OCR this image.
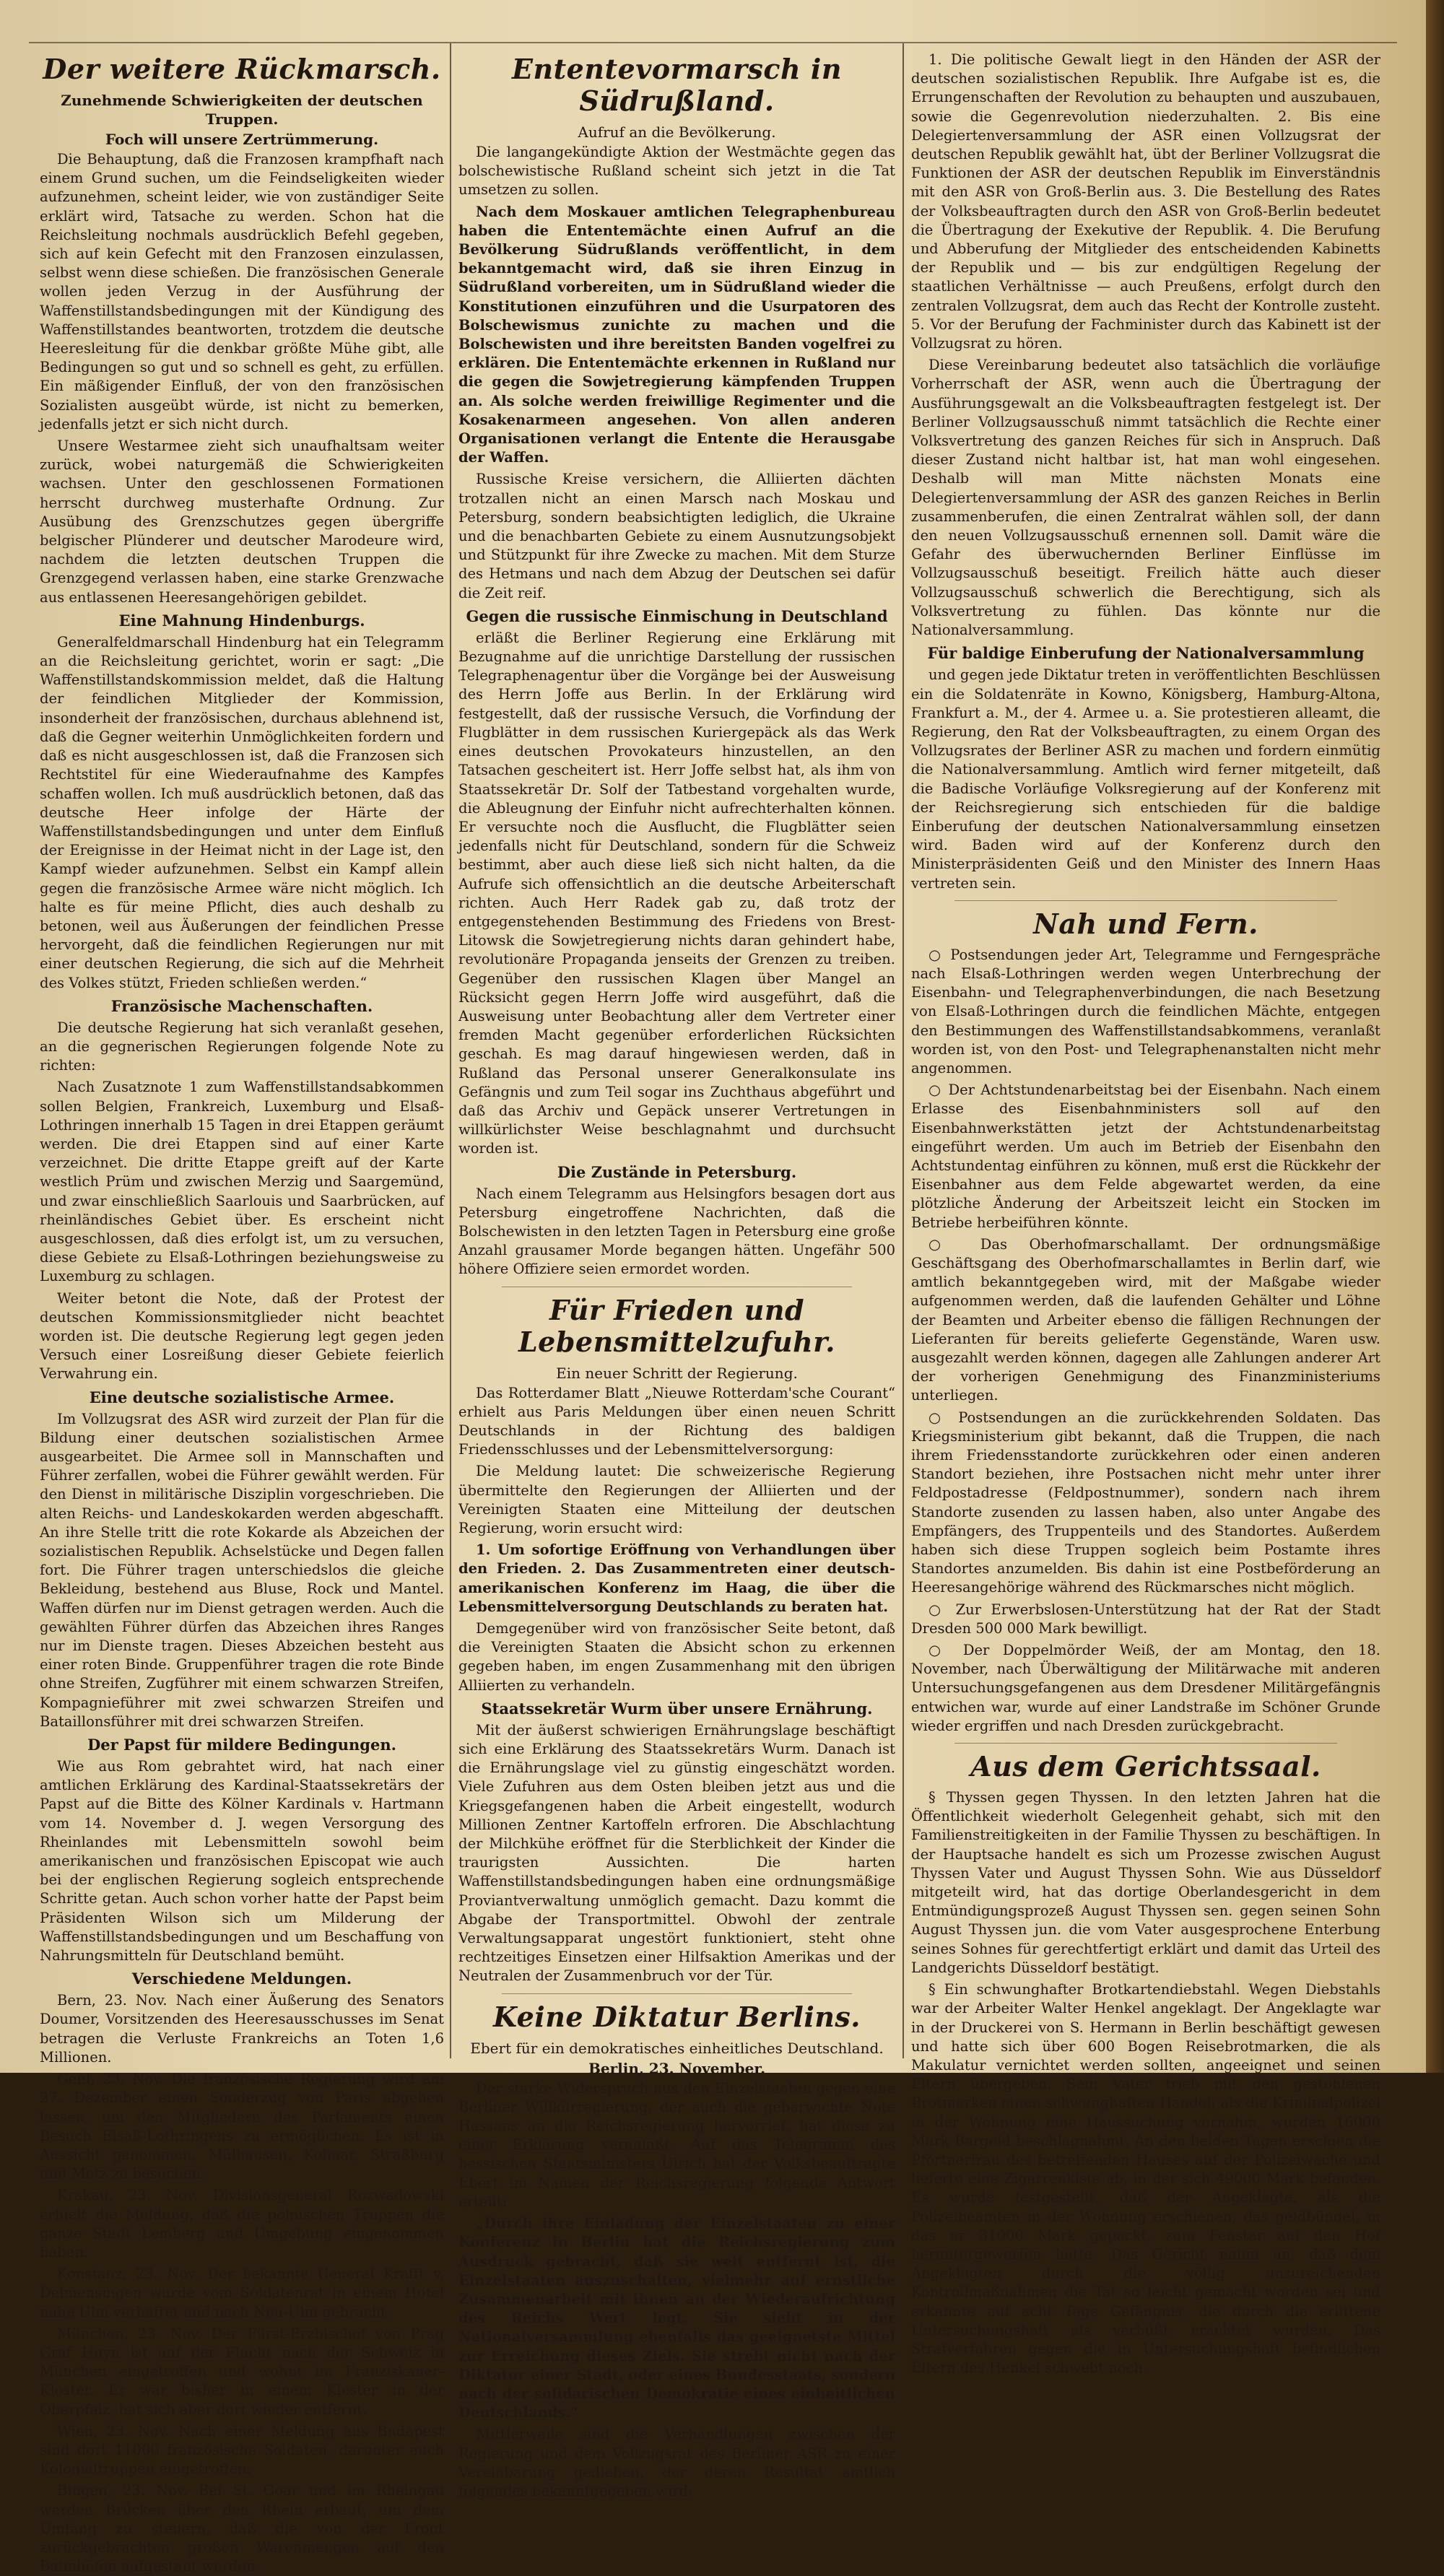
Der weitere Rückmarsch.
Zunehmende Schwierigkeiten der deutschen Truppen.
Foch will unsere Zertrümmerung.

Die Behauptung, daß die Franzosen krampfhaft nach einem Grund suchen, um die Feindseligkeiten wieder aufzunehmen, scheint leider, wie von zuständiger Seite erklärt wird, Tatsache zu werden. Schon hat die Reichsleitung nochmals ausdrücklich Befehl gegeben, sich auf kein Gefecht mit den Franzosen einzulassen, selbst wenn diese schießen. Die französischen Generale wollen jeden Verzug in der Ausführung der Waffenstillstandsbedingungen mit der Kündigung des Waffenstillstandes beantworten, trotzdem die deutsche Heeresleitung für die denkbar größte Mühe gibt, alle Bedingungen so gut und so schnell es geht, zu erfüllen. Ein mäßigender Einfluß, der von den französischen Sozialisten ausgeübt würde, ist nicht zu bemerken, jedenfalls jetzt er sich nicht durch.

Unsere Westarmee zieht sich unaufhaltsam weiter zurück, wobei naturgemäß die Schwierigkeiten wachsen. Unter den geschlossenen Formationen herrscht durchweg musterhafte Ordnung. Zur Ausübung des Grenzschutzes gegen übergriffe belgischer Plünderer und deutscher Marodeure wird, nachdem die letzten deutschen Truppen die Grenzgegend verlassen haben, eine starke Grenzwache aus entlassenen Heeresangehörigen gebildet.

Eine Mahnung Hindenburgs.

Generalfeldmarschall Hindenburg hat ein Telegramm an die Reichsleitung gerichtet, worin er sagt: „Die Waffenstillstandskommission meldet, daß die Haltung der feindlichen Mitglieder der Kommission, insonderheit der französischen, durchaus ablehnend ist, daß die Gegner weiterhin Unmöglichkeiten fordern und daß es nicht ausgeschlossen ist, daß die Franzosen sich Rechtstitel für eine Wiederaufnahme des Kampfes schaffen wollen. Ich muß ausdrücklich betonen, daß das deutsche Heer infolge der Härte der Waffenstillstandsbedingungen und unter dem Einfluß der Ereignisse in der Heimat nicht in der Lage ist, den Kampf wieder aufzunehmen. Selbst ein Kampf allein gegen die französische Armee wäre nicht möglich. Ich halte es für meine Pflicht, dies auch deshalb zu betonen, weil aus Äußerungen der feindlichen Presse hervorgeht, daß die feindlichen Regierungen nur mit einer deutschen Regierung, die sich auf die Mehrheit des Volkes stützt, Frieden schließen werden.“

Französische Machenschaften.

Die deutsche Regierung hat sich veranlaßt gesehen, an die gegnerischen Regierungen folgende Note zu richten:

Nach Zusatznote 1 zum Waffenstillstandsabkommen sollen Belgien, Frankreich, Luxemburg und Elsaß-Lothringen innerhalb 15 Tagen in drei Etappen geräumt werden. Die drei Etappen sind auf einer Karte verzeichnet. Die dritte Etappe greift auf der Karte westlich Prüm und zwischen Merzig und Saargemünd, und zwar einschließlich Saarlouis und Saarbrücken, auf rheinländisches Gebiet über. Es erscheint nicht ausgeschlossen, daß dies erfolgt ist, um zu versuchen, diese Gebiete zu Elsaß-Lothringen beziehungsweise zu Luxemburg zu schlagen.

Weiter betont die Note, daß der Protest der deutschen Kommissionsmitglieder nicht beachtet worden ist. Die deutsche Regierung legt gegen jeden Versuch einer Losreißung dieser Gebiete feierlich Verwahrung ein.

Eine deutsche sozialistische Armee.

Im Vollzugsrat des ASR wird zurzeit der Plan für die Bildung einer deutschen sozialistischen Armee ausgearbeitet. Die Armee soll in Mannschaften und Führer zerfallen, wobei die Führer gewählt werden. Für den Dienst in militärische Disziplin vorgeschrieben. Die alten Reichs- und Landeskokarden werden abgeschafft. An ihre Stelle tritt die rote Kokarde als Abzeichen der sozialistischen Republik. Achselstücke und Degen fallen fort. Die Führer tragen unterschiedslos die gleiche Bekleidung, bestehend aus Bluse, Rock und Mantel. Waffen dürfen nur im Dienst getragen werden. Auch die gewählten Führer dürfen das Abzeichen ihres Ranges nur im Dienste tragen. Dieses Abzeichen besteht aus einer roten Binde. Gruppenführer tragen die rote Binde ohne Streifen, Zugführer mit einem schwarzen Streifen, Kompagnieführer mit zwei schwarzen Streifen und Bataillonsführer mit drei schwarzen Streifen.

Der Papst für mildere Bedingungen.

Wie aus Rom gebrahtet wird, hat nach einer amtlichen Erklärung des Kardinal-Staatssekretärs der Papst auf die Bitte des Kölner Kardinals v. Hartmann vom 14. November d. J. wegen Versorgung des Rheinlandes mit Lebensmitteln sowohl beim amerikanischen und französischen Episcopat wie auch bei der englischen Regierung sogleich entsprechende Schritte getan. Auch schon vorher hatte der Papst beim Präsidenten Wilson sich um Milderung der Waffenstillstandsbedingungen und um Beschaffung von Nahrungsmitteln für Deutschland bemüht.

Verschiedene Meldungen.

Bern, 23. Nov. Nach einer Äußerung des Senators Doumer, Vorsitzenden des Heeresausschusses im Senat betragen die Verluste Frankreichs an Toten 1,6 Millionen.

Genf, 23. Nov. Die französische Regierung wird am 27. Dezember einen Sonderzug von Paris abgehen lassen, um den Mitgliedern des Parlaments einen Besuch Elsaß-Lothringens zu ermöglichen. Es ist in Aussicht genommen, Mülhausen, Kolmar, Straßburg und Metz zu besuchen.

Krakau, 23. Nov. Divisionsgeneral Rozwadowski erhielt die Meldung, daß die polnischen Truppen die ganze Stadt Lemberg und Umgebung eingenommen haben.

Konstanz, 23. Nov. Der bekannte General Krafft v. Delmensingen wurde vom Soldatenrat in einem Hotel nahe Ulm verhaftet und nach Neu-Ulm gebracht.

München, 23. Nov. Der Fürst-Erzbischof von Prag Graf Huyn ist auf der Flucht nach der Schweiz in München eingetroffen und wohnt im Franziskaner-Kloster. Er war bisher in einem Kloster in der Oberpfalz, hat sich aber dort wieder entfernt.

Wien, 23. Nov. Nach einer Meldung aus Budapest sind dort 11000 französische Soldaten, darunter auch Kolonialtruppen eingetroffen.

Bingen, 23. Nov. Bei St. Goar und im Rheingau werden Brücken über den Rhein erbaut, um dem Umfang zu steuern, daß die von der Front zurückgebrachten großen Warenmengen auf den Bahnhöfen aufgestaut werden.

Ententevormarsch in Südrußland.
Aufruf an die Bevölkerung.

Die langangekündigte Aktion der Westmächte gegen das bolschewistische Rußland scheint sich jetzt in die Tat umsetzen zu sollen.

Nach dem Moskauer amtlichen Telegraphenbureau haben die Ententemächte einen Aufruf an die Bevölkerung Südrußlands veröffentlicht, in dem bekanntgemacht wird, daß sie ihren Einzug in Südrußland vorbereiten, um in Südrußland wieder die Konstitutionen einzuführen und die Usurpatoren des Bolschewismus zunichte zu machen und die Bolschewisten und ihre bereitsten Banden vogelfrei zu erklären. Die Ententemächte erkennen in Rußland nur die gegen die Sowjetregierung kämpfenden Truppen an. Als solche werden freiwillige Regimenter und die Kosakenarmeen angesehen. Von allen anderen Organisationen verlangt die Entente die Herausgabe der Waffen.

Russische Kreise versichern, die Alliierten dächten trotzallen nicht an einen Marsch nach Moskau und Petersburg, sondern beabsichtigten lediglich, die Ukraine und die benachbarten Gebiete zu einem Ausnutzungsobjekt und Stützpunkt für ihre Zwecke zu machen. Mit dem Sturze des Hetmans und nach dem Abzug der Deutschen sei dafür die Zeit reif.

Gegen die russische Einmischung in Deutschland

erläßt die Berliner Regierung eine Erklärung mit Bezugnahme auf die unrichtige Darstellung der russischen Telegraphenagentur über die Vorgänge bei der Ausweisung des Herrn Joffe aus Berlin. In der Erklärung wird festgestellt, daß der russische Versuch, die Vorfindung der Flugblätter in dem russischen Kuriergepäck als das Werk eines deutschen Provokateurs hinzustellen, an den Tatsachen gescheitert ist. Herr Joffe selbst hat, als ihm von Staatssekretär Dr. Solf der Tatbestand vorgehalten wurde, die Ableugnung der Einfuhr nicht aufrechterhalten können. Er versuchte noch die Ausflucht, die Flugblätter seien jedenfalls nicht für Deutschland, sondern für die Schweiz bestimmt, aber auch diese ließ sich nicht halten, da die Aufrufe sich offensichtlich an die deutsche Arbeiterschaft richten. Auch Herr Radek gab zu, daß trotz der entgegenstehenden Bestimmung des Friedens von Brest-Litowsk die Sowjetregierung nichts daran gehindert habe, revolutionäre Propaganda jenseits der Grenzen zu treiben. Gegenüber den russischen Klagen über Mangel an Rücksicht gegen Herrn Joffe wird ausgeführt, daß die Ausweisung unter Beobachtung aller dem Vertreter einer fremden Macht gegenüber erforderlichen Rücksichten geschah. Es mag darauf hingewiesen werden, daß in Rußland das Personal unserer Generalkonsulate ins Gefängnis und zum Teil sogar ins Zuchthaus abgeführt und daß das Archiv und Gepäck unserer Vertretungen in willkürlichster Weise beschlagnahmt und durchsucht worden ist.

Die Zustände in Petersburg.

Nach einem Telegramm aus Helsingfors besagen dort aus Petersburg eingetroffene Nachrichten, daß die Bolschewisten in den letzten Tagen in Petersburg eine große Anzahl grausamer Morde begangen hätten. Ungefähr 500 höhere Offiziere seien ermordet worden.

Für Frieden und Lebensmittelzufuhr.
Ein neuer Schritt der Regierung.

Das Rotterdamer Blatt „Nieuwe Rotterdam'sche Courant“ erhielt aus Paris Meldungen über einen neuen Schritt Deutschlands in der Richtung des baldigen Friedensschlusses und der Lebensmittelversorgung:

Die Meldung lautet: Die schweizerische Regierung übermittelte den Regierungen der Alliierten und der Vereinigten Staaten eine Mitteilung der deutschen Regierung, worin ersucht wird:

1. Um sofortige Eröffnung von Verhandlungen über den Frieden. 2. Das Zusammentreten einer deutsch-amerikanischen Konferenz im Haag, die über die Lebensmittelversorgung Deutschlands zu beraten hat.

Demgegenüber wird von französischer Seite betont, daß die Vereinigten Staaten die Absicht schon zu erkennen gegeben haben, im engen Zusammenhang mit den übrigen Alliierten zu verhandeln.

Staatssekretär Wurm über unsere Ernährung.

Mit der äußerst schwierigen Ernährungslage beschäftigt sich eine Erklärung des Staatssekretärs Wurm. Danach ist die Ernährungslage viel zu günstig eingeschätzt worden. Viele Zufuhren aus dem Osten bleiben jetzt aus und die Kriegsgefangenen haben die Arbeit eingestellt, wodurch Millionen Zentner Kartoffeln erfroren. Die Abschlachtung der Milchkühe eröffnet für die Sterblichkeit der Kinder die traurigsten Aussichten. Die harten Waffenstillstandsbedingungen haben eine ordnungsmäßige Proviantverwaltung unmöglich gemacht. Dazu kommt die Abgabe der Transportmittel. Obwohl der zentrale Verwaltungsapparat ungestört funktioniert, steht ohne rechtzeitiges Einsetzen einer Hilfsaktion Amerikas und der Neutralen der Zusammenbruch vor der Tür.

Keine Diktatur Berlins.
Ebert für ein demokratisches einheitliches Deutschland.
Berlin, 23. November.

Der starke Widerspruch aus den Einzelstaaten gegen eine Berliner Willkürregierung, der auch die gebarwichte Note Hessens an die Reichsregierung hervorrief, hat diese zu einer Erklärung veranlaßt. Auf das Telegramm des hessischen Staatsministers Ulrich hat der Volksbeauftragte Ebert im Namen der Reichsregierung folgende Antwort erteilt:

„Durch ihre Einladung der Einzelstaaten zu einer Konferenz in Berlin hat die Reichsregierung zum Ausdruck gebracht, daß sie weit entfernt ist, die Einzelstaaten auszuschalten, vielmehr auf ernstliche Zusammenarbeit mit ihnen an der Wiederaufrichtung des Reichs Wert legt. Sie sieht in der Nationalversammlung ebenfalls das geeignetste Mittel zur Erreichung dieses Ziels. Sie strebt nicht nach der Diktatur einer Stadt, oder eines Bundesstaats, sondern nach der solidarischen Demokratie eines einheitlichen Deutschlands.“

Mittlerweile sind die Verhandlungen zwischen der Regierung und dem Vollzugsrat des Berliner ASR zu einer Vereinbarung gediehen, der deren Resultat amtlich folgendes bekanntgegeben wird:

1. Die politische Gewalt liegt in den Händen der ASR der deutschen sozialistischen Republik. Ihre Aufgabe ist es, die Errungenschaften der Revolution zu behaupten und auszubauen, sowie die Gegenrevolution niederzuhalten. 2. Bis eine Delegiertenversammlung der ASR einen Vollzugsrat der deutschen Republik gewählt hat, übt der Berliner Vollzugsrat die Funktionen der ASR der deutschen Republik im Einverständnis mit den ASR von Groß-Berlin aus. 3. Die Bestellung des Rates der Volksbeauftragten durch den ASR von Groß-Berlin bedeutet die Übertragung der Exekutive der Republik. 4. Die Berufung und Abberufung der Mitglieder des entscheidenden Kabinetts der Republik und — bis zur endgültigen Regelung der staatlichen Verhältnisse — auch Preußens, erfolgt durch den zentralen Vollzugsrat, dem auch das Recht der Kontrolle zusteht. 5. Vor der Berufung der Fachminister durch das Kabinett ist der Vollzugsrat zu hören.

Diese Vereinbarung bedeutet also tatsächlich die vorläufige Vorherrschaft der ASR, wenn auch die Übertragung der Ausführungsgewalt an die Volksbeauftragten festgelegt ist. Der Berliner Vollzugsausschuß nimmt tatsächlich die Rechte einer Volksvertretung des ganzen Reiches für sich in Anspruch. Daß dieser Zustand nicht haltbar ist, hat man wohl eingesehen. Deshalb will man Mitte nächsten Monats eine Delegiertenversammlung der ASR des ganzen Reiches in Berlin zusammenberufen, die einen Zentralrat wählen soll, der dann den neuen Vollzugsausschuß ernennen soll. Damit wäre die Gefahr des überwuchernden Berliner Einflüsse im Vollzugsausschuß beseitigt. Freilich hätte auch dieser Vollzugsausschuß schwerlich die Berechtigung, sich als Volksvertretung zu fühlen. Das könnte nur die Nationalversammlung.

Für baldige Einberufung der Nationalversammlung

und gegen jede Diktatur treten in veröffentlichten Beschlüssen ein die Soldatenräte in Kowno, Königsberg, Hamburg-Altona, Frankfurt a. M., der 4. Armee u. a. Sie protestieren alleamt, die Regierung, den Rat der Volksbeauftragten, zu einem Organ des Vollzugsrates der Berliner ASR zu machen und fordern einmütig die Nationalversammlung. Amtlich wird ferner mitgeteilt, daß die Badische Vorläufige Volksregierung auf der Konferenz mit der Reichsregierung sich entschieden für die baldige Einberufung der deutschen Nationalversammlung einsetzen wird. Baden wird auf der Konferenz durch den Ministerpräsidenten Geiß und den Minister des Innern Haas vertreten sein.

Nah und Fern.

○ Postsendungen jeder Art, Telegramme und Ferngespräche nach Elsaß-Lothringen werden wegen Unterbrechung der Eisenbahn- und Telegraphenverbindungen, die nach Besetzung von Elsaß-Lothringen durch die feindlichen Mächte, entgegen den Bestimmungen des Waffenstillstandsabkommens, veranlaßt worden ist, von den Post- und Telegraphenanstalten nicht mehr angenommen.

○ Der Achtstundenarbeitstag bei der Eisenbahn. Nach einem Erlasse des Eisenbahnministers soll auf den Eisenbahnwerkstätten jetzt der Achtstundenarbeitstag eingeführt werden. Um auch im Betrieb der Eisenbahn den Achtstundentag einführen zu können, muß erst die Rückkehr der Eisenbahner aus dem Felde abgewartet werden, da eine plötzliche Änderung der Arbeitszeit leicht ein Stocken im Betriebe herbeiführen könnte.

○ Das Oberhofmarschallamt. Der ordnungsmäßige Geschäftsgang des Oberhofmarschallamtes in Berlin darf, wie amtlich bekanntgegeben wird, mit der Maßgabe wieder aufgenommen werden, daß die laufenden Gehälter und Löhne der Beamten und Arbeiter ebenso die fälligen Rechnungen der Lieferanten für bereits gelieferte Gegenstände, Waren usw. ausgezahlt werden können, dagegen alle Zahlungen anderer Art der vorherigen Genehmigung des Finanzministeriums unterliegen.

○ Postsendungen an die zurückkehrenden Soldaten. Das Kriegsministerium gibt bekannt, daß die Truppen, die nach ihrem Friedensstandorte zurückkehren oder einen anderen Standort beziehen, ihre Postsachen nicht mehr unter ihrer Feldpostadresse (Feldpostnummer), sondern nach ihrem Standorte zusenden zu lassen haben, also unter Angabe des Empfängers, des Truppenteils und des Standortes. Außerdem haben sich diese Truppen sogleich beim Postamte ihres Standortes anzumelden. Bis dahin ist eine Postbeförderung an Heeresangehörige während des Rückmarsches nicht möglich.

○ Zur Erwerbslosen-Unterstützung hat der Rat der Stadt Dresden 500 000 Mark bewilligt.

○ Der Doppelmörder Weiß, der am Montag, den 18. November, nach Überwältigung der Militärwache mit anderen Untersuchungsgefangenen aus dem Dresdener Militärgefängnis entwichen war, wurde auf einer Landstraße im Schöner Grunde wieder ergriffen und nach Dresden zurückgebracht.

Aus dem Gerichtssaal.

§ Thyssen gegen Thyssen. In den letzten Jahren hat die Öffentlichkeit wiederholt Gelegenheit gehabt, sich mit den Familienstreitigkeiten in der Familie Thyssen zu beschäftigen. In der Hauptsache handelt es sich um Prozesse zwischen August Thyssen Vater und August Thyssen Sohn. Wie aus Düsseldorf mitgeteilt wird, hat das dortige Oberlandesgericht in dem Entmündigungsprozeß August Thyssen sen. gegen seinen Sohn August Thyssen jun. die vom Vater ausgesprochene Enterbung seines Sohnes für gerechtfertigt erklärt und damit das Urteil des Landgerichts Düsseldorf bestätigt.

§ Ein schwunghafter Brotkartendiebstahl. Wegen Diebstahls war der Arbeiter Walter Henkel angeklagt. Der Angeklagte war in der Druckerei von S. Hermann in Berlin beschäftigt gewesen und hatte sich über 600 Bogen Reisebrotmarken, die als Makulatur vernichtet werden sollten, angeeignet und seinen Eltern übergeben. Sein Vater trieb mit den gestohlenen Brotmarken einen schwunghaften Handel; als die Kriminalpolizei in der Wohnung eine Haussuchung vornahm, wurden 16000 Mark Bargeld beschlagnahmt. An den beiden Tagen erschien die Pförtnerfrau des betreffenden Hauses auf der Polizeiwache und lieferte eine Zigarrenkiste ab, in der sich 49000 Mark befanden. Es wurde festgestellt, daß der Angeklagte, als die Polizeibeamten in der Wohnung erschienen, das geldbündel, in das er 31000 Mark gepackt, zum Fenster auf den Hof heruntergeworfen hatte. Das Gericht nahm an, daß dem Angeklagten durch die völlig unzureichenden Kontrollmaßnahmen die Tat so leicht gemacht worden sei und erkannte auf acht Tage Gefängnis, die durch die erlittene Untersuchungshaft als verbüßt erachtet wurden. Das Strafverfahren gegen die in Untersuchungshaft befindlichen Eltern des Henkel schwebt noch.
